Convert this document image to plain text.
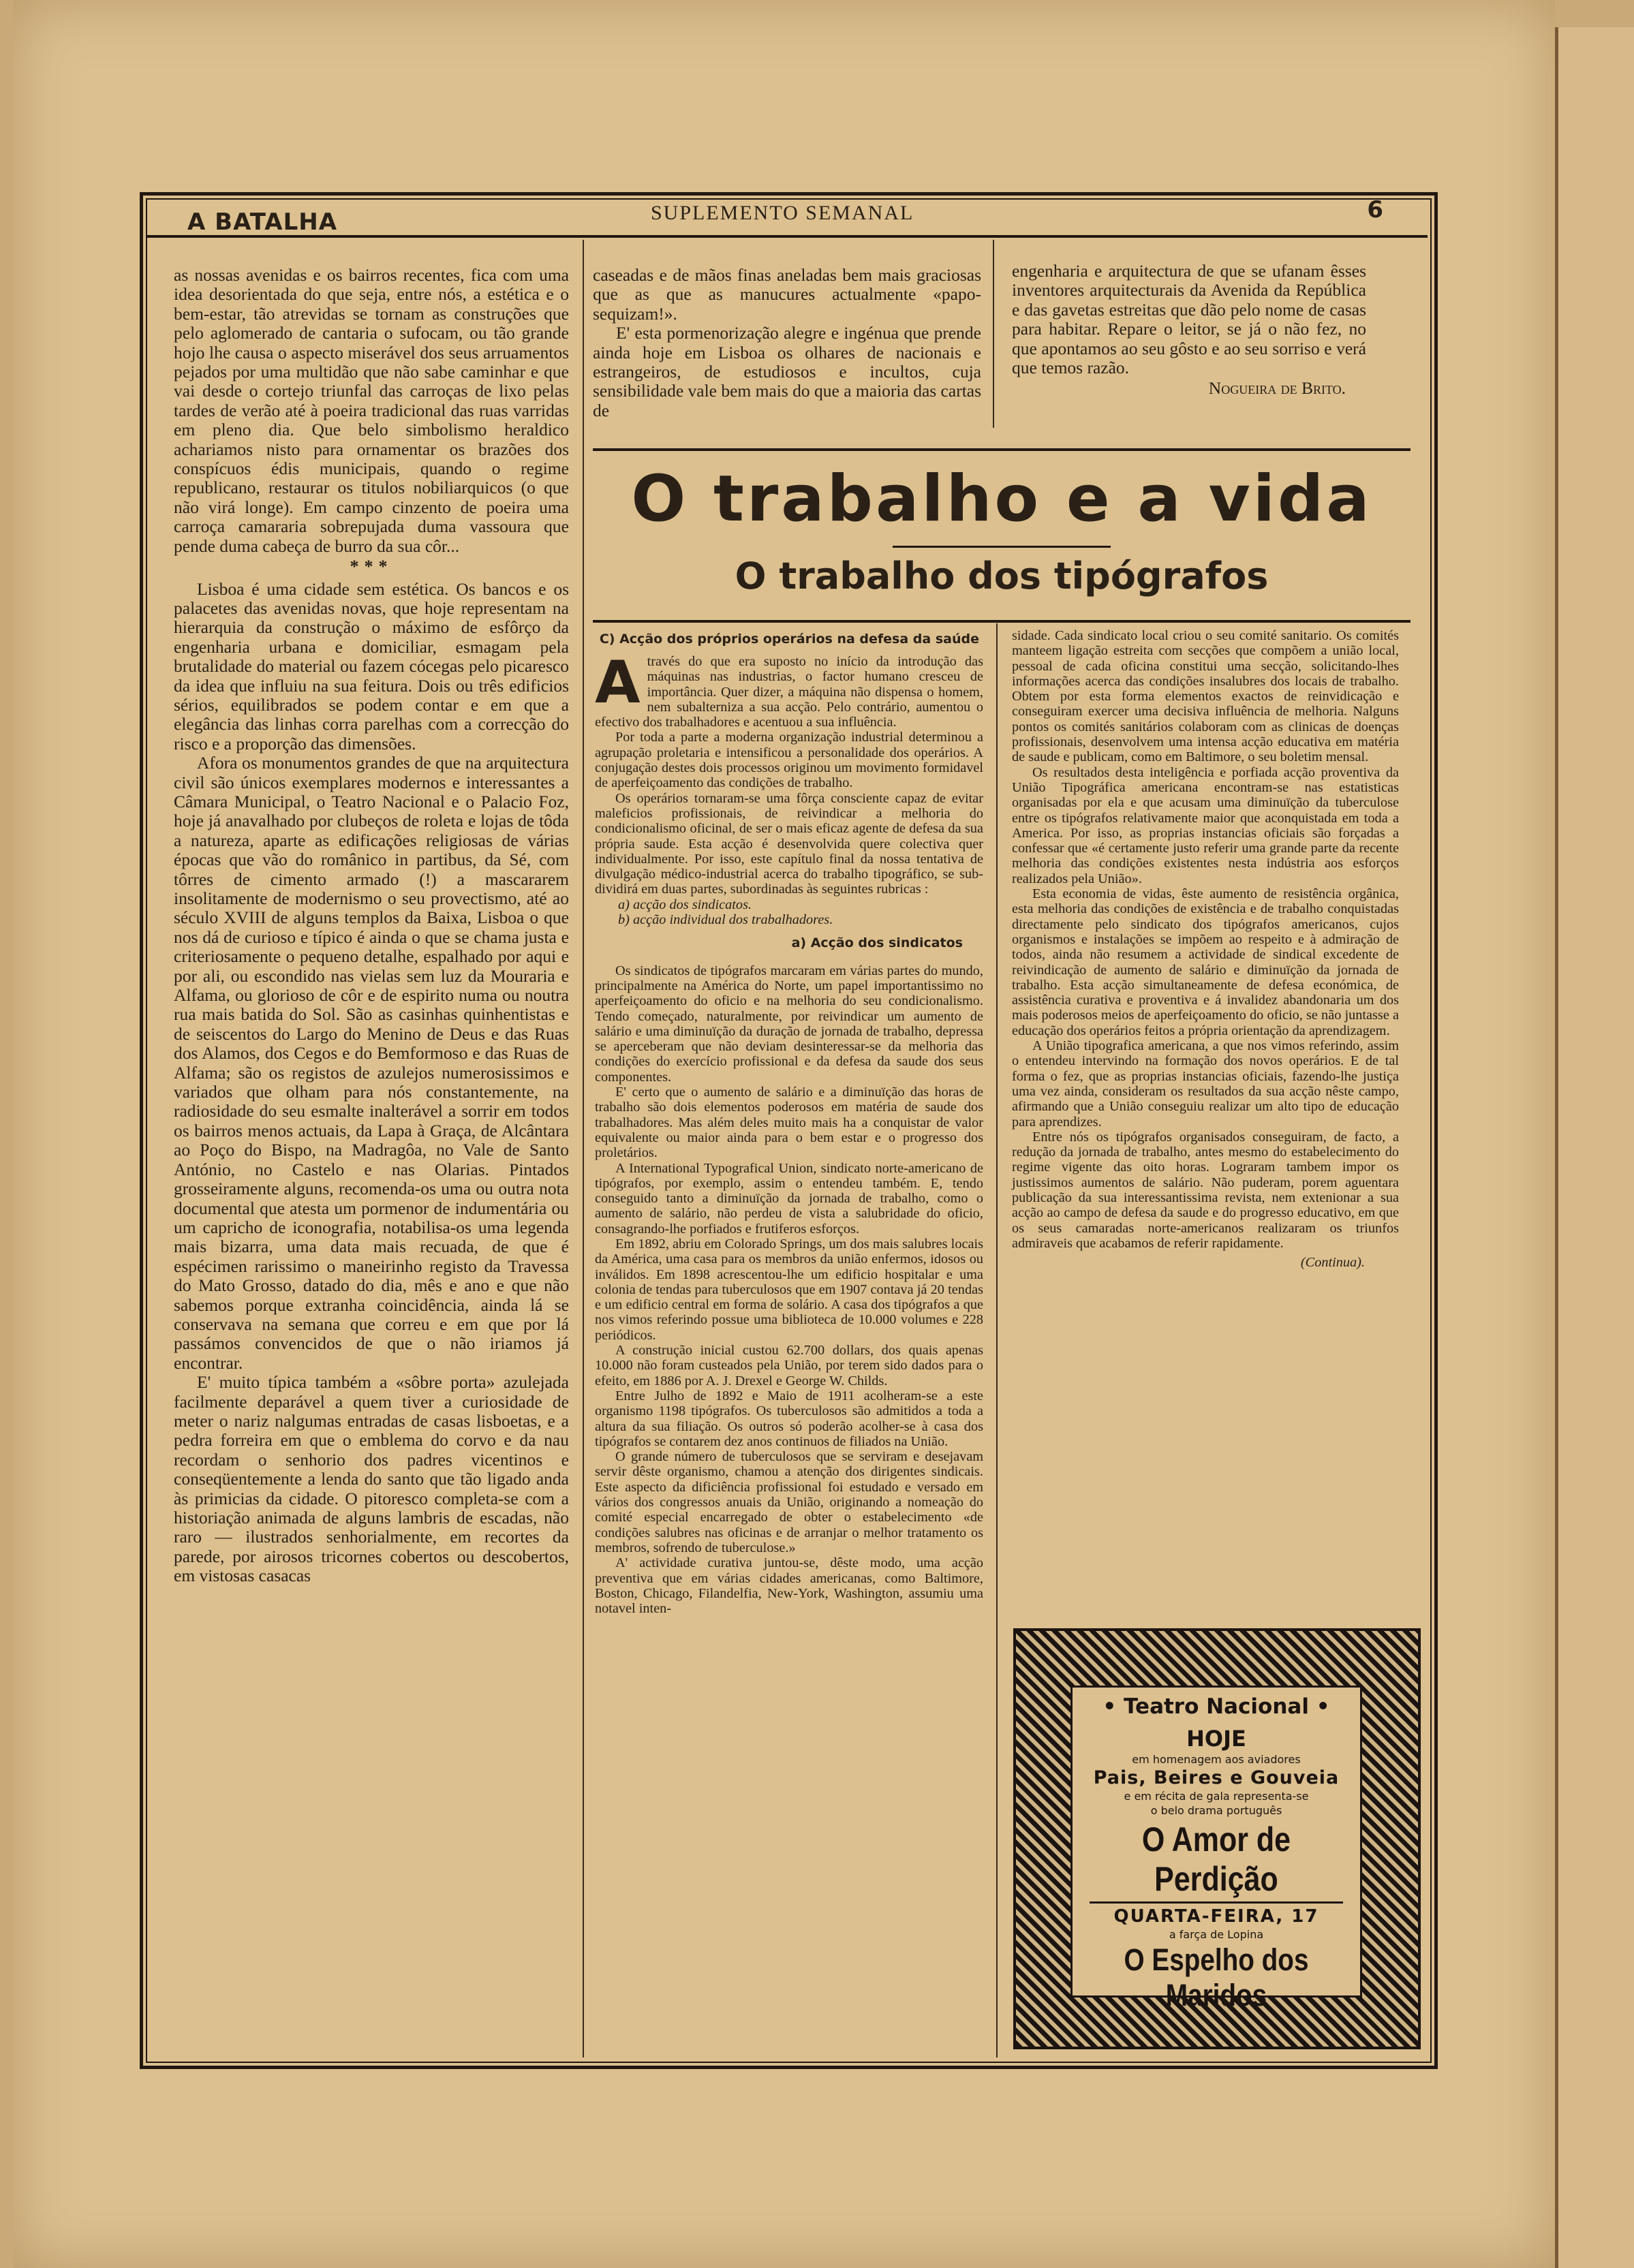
A BATALHA	SUPLEMENTO SEMANAL	6

as nossas avenidas e os bairros recentes, fica com uma idea desorientada do que seja, entre nós, a estética e o bem-estar, tão atrevidas se tornam as construções que pelo aglomerado de cantaria o sufocam, ou tão grande hojo lhe causa o aspecto miserável dos seus arruamentos pejados por uma multidão que não sabe caminhar e que vai desde o cortejo triunfal das carroças de lixo pelas tardes de verão até à poeira tradicional das ruas varridas em pleno dia. Que belo simbolismo heraldico achariamos nisto para ornamentar os brazões dos conspícuos édis municipais, quando o regime republicano, restaurar os titulos nobiliarquicos (o que não virá longe). Em campo cinzento de poeira uma carroça camararia sobrepujada duma vassoura que pende duma cabeça de burro da sua côr...

***

Lisboa é uma cidade sem estética. Os bancos e os palacetes das avenidas novas, que hoje representam na hierarquia da construção o máximo de esfôrço da engenharia urbana e domiciliar, esmagam pela brutalidade do material ou fazem cócegas pelo picaresco da idea que influiu na sua feitura. Dois ou três edificios sérios, equilibrados se podem contar e em que a elegância das linhas corra parelhas com a correcção do risco e a proporção das dimensões.

Afora os monumentos grandes de que na arquitectura civil são únicos exemplares modernos e interessantes a Câmara Municipal, o Teatro Nacional e o Palacio Foz, hoje já anavalhado por clubeços de roleta e lojas de tôda a natureza, aparte as edificações religiosas de várias épocas que vão do românico in partibus, da Sé, com tôrres de cimento armado (!) a mascararem insolitamente de modernismo o seu provectismo, até ao século XVIII de alguns templos da Baixa, Lisboa o que nos dá de curioso e típico é ainda o que se chama justa e criteriosamente o pequeno detalhe, espalhado por aqui e por ali, ou escondido nas vielas sem luz da Mouraria e Alfama, ou glorioso de côr e de espirito numa ou noutra rua mais batida do Sol. São as casinhas quinhentistas e de seiscentos do Largo do Menino de Deus e das Ruas dos Alamos, dos Cegos e do Bemformoso e das Ruas de Alfama; são os registos de azulejos numerosissimos e variados que olham para nós constantemente, na radiosidade do seu esmalte inalterável a sorrir em todos os bairros menos actuais, da Lapa à Graça, de Alcântara ao Poço do Bispo, na Madragôa, no Vale de Santo António, no Castelo e nas Olarias. Pintados grosseiramente alguns, recomenda-os uma ou outra nota documental que atesta um pormenor de indumentária ou um capricho de iconografia, notabilisa-os uma legenda mais bizarra, uma data mais recuada, de que é espécimen rarissimo o maneirinho registo da Travessa do Mato Grosso, datado do dia, mês e ano e que não sabemos porque extranha coincidência, ainda lá se conservava na semana que correu e em que por lá passámos convencidos de que o não iriamos já encontrar.

E' muito típica também a «sôbre porta» azulejada facilmente deparável a quem tiver a curiosidade de meter o nariz nalgumas entradas de casas lisboetas, e a pedra forreira em que o emblema do corvo e da nau recordam o senhorio dos padres vicentinos e conseqüentemente a lenda do santo que tão ligado anda às primicias da cidade. O pitoresco completa-se com a historiação animada de alguns lambris de escadas, não raro — ilustrados senhorialmente, em recortes da parede, por airosos tricornes cobertos ou descobertos, em vistosas casacas

caseadas e de mãos finas aneladas bem mais graciosas que as que as manucures actualmente «papo-sequizam!».

E' esta pormenorização alegre e ingénua que prende ainda hoje em Lisboa os olhares de nacionais e estrangeiros, de estudiosos e incultos, cuja sensibilidade vale bem mais do que a maioria das cartas de

engenharia e arquitectura de que se ufanam êsses inventores arquitecturais da Avenida da República e das gavetas estreitas que dão pelo nome de casas para habitar. Repare o leitor, se já o não fez, no que apontamos ao seu gôsto e ao seu sorriso e verá que temos razão.

Nogueira de Brito.
O trabalho e a vida
O trabalho dos tipógrafos
C) Acção dos próprios operários na defesa da saúde
A través do que era suposto no início da introdução das máquinas nas industrias, o factor humano cresceu de importância. Quer dizer, a máquina não dispensa o homem, nem subalterniza a sua acção. Pelo contrário, aumentou o efectivo dos trabalhadores e acentuou a sua influência.

Por toda a parte a moderna organização industrial determinou a agrupação proletaria e intensificou a personalidade dos operários. A conjugação destes dois processos originou um movimento formidavel de aperfeiçoamento das condições de trabalho.

Os operários tornaram-se uma fôrça consciente capaz de evitar maleficios profissionais, de reivindicar a melhoria do condicionalismo oficinal, de ser o mais eficaz agente de defesa da sua própria saude. Esta acção é desenvolvida quere colectiva quer individualmente. Por isso, este capítulo final da nossa tentativa de divulgação médico-industrial acerca do trabalho tipográfico, se sub-dividirá em duas partes, subordinadas às seguintes rubricas :

a) acção dos sindicatos.
b) acção individual dos trabalhadores.
a) Acção dos sindicatos

Os sindicatos de tipógrafos marcaram em várias partes do mundo, principalmente na América do Norte, um papel importantissimo no aperfeiçoamento do oficio e na melhoria do seu condicionalismo. Tendo começado, naturalmente, por reivindicar um aumento de salário e uma diminuïção da duração de jornada de trabalho, depressa se aperceberam que não deviam desinteressar-se da melhoria das condições do exercício profissional e da defesa da saude dos seus componentes.

E' certo que o aumento de salário e a diminuïção das horas de trabalho são dois elementos poderosos em matéria de saude dos trabalhadores. Mas além deles muito mais ha a conquistar de valor equivalente ou maior ainda para o bem estar e o progresso dos proletários.

A International Typografical Union, sindicato norte-americano de tipógrafos, por exemplo, assim o entendeu também. E, tendo conseguido tanto a diminuïção da jornada de trabalho, como o aumento de salário, não perdeu de vista a salubridade do oficio, consagrando-lhe porfiados e frutiferos esforços.

Em 1892, abriu em Colorado Springs, um dos mais salubres locais da América, uma casa para os membros da união enfermos, idosos ou inválidos. Em 1898 acrescentou-lhe um edificio hospitalar e uma colonia de tendas para tuberculosos que em 1907 contava já 20 tendas e um edificio central em forma de solário. A casa dos tipógrafos a que nos vimos referindo possue uma biblioteca de 10.000 volumes e 228 periódicos.

A construção inicial custou 62.700 dollars, dos quais apenas 10.000 não foram custeados pela União, por terem sido dados para o efeito, em 1886 por A. J. Drexel e George W. Childs.

Entre Julho de 1892 e Maio de 1911 acolheram-se a este organismo 1198 tipógrafos. Os tuberculosos são admitidos a toda a altura da sua filiação. Os outros só poderão acolher-se à casa dos tipógrafos se contarem dez anos continuos de filiados na União.

O grande número de tuberculosos que se serviram e desejavam servir dêste organismo, chamou a atenção dos dirigentes sindicais. Este aspecto da dificiência profissional foi estudado e versado em vários dos congressos anuais da União, originando a nomeação do comité especial encarregado de obter o estabelecimento «de condições salubres nas oficinas e de arranjar o melhor tratamento os membros, sofrendo de tuberculose.»

A' actividade curativa juntou-se, dêste modo, uma acção preventiva que em várias cidades americanas, como Baltimore, Boston, Chicago, Filandelfia, New-York, Washington, assumiu uma notavel inten-

sidade. Cada sindicato local criou o seu comité sanitario. Os comités manteem ligação estreita com secções que compõem a união local, pessoal de cada oficina constitui uma secção, solicitando-lhes informações acerca das condições insalubres dos locais de trabalho. Obtem por esta forma elementos exactos de reinvidicação e conseguiram exercer uma decisiva influência de melhoria. Nalguns pontos os comités sanitários colaboram com as clinicas de doenças profissionais, desenvolvem uma intensa acção educativa em matéria de saude e publicam, como em Baltimore, o seu boletim mensal.

Os resultados desta inteligência e porfiada acção proventiva da União Tipográfica americana encontram-se nas estatisticas organisadas por ela e que acusam uma diminuïção da tuberculose entre os tipógrafos relativamente maior que aconquistada em toda a America. Por isso, as proprias instancias oficiais são forçadas a confessar que «é certamente justo referir uma grande parte da recente melhoria das condições existentes nesta indústria aos esforços realizados pela União».

Esta economia de vidas, êste aumento de resistência orgânica, esta melhoria das condições de existência e de trabalho conquistadas directamente pelo sindicato dos tipógrafos americanos, cujos organismos e instalações se impõem ao respeito e à admiração de todos, ainda não resumem a actividade de sindical excedente de reivindicação de aumento de salário e diminuïção da jornada de trabalho. Esta acção simultaneamente de defesa económica, de assistência curativa e proventiva e á invalidez abandonaria um dos mais poderosos meios de aperfeiçoamento do oficio, se não juntasse a educação dos operários feitos a própria orientação da aprendizagem.

A União tipografica americana, a que nos vimos referindo, assim o entendeu intervindo na formação dos novos operários. E de tal forma o fez, que as proprias instancias oficiais, fazendo-lhe justiça uma vez ainda, consideram os resultados da sua acção nêste campo, afirmando que a União conseguiu realizar um alto tipo de educação para aprendizes.

Entre nós os tipógrafos organisados conseguiram, de facto, a redução da jornada de trabalho, antes mesmo do estabelecimento do regime vigente das oito horas. Lograram tambem impor os justissimos aumentos de salário. Não puderam, porem aguentara publicação da sua interessantissima revista, nem extenionar a sua acção ao campo de defesa da saude e do progresso educativo, em que os seus camaradas norte-americanos realizaram os triunfos admiraveis que acabamos de referir rapidamente.

(Continua).
• Teatro Nacional •
HOJE
em homenagem aos aviadores
Pais, Beires e Gouveia
e em récita de gala representa-se
o belo drama português
O Amor de Perdição
QUARTA-FEIRA, 17
a farça de Lopina
O Espelho dos Maridos
